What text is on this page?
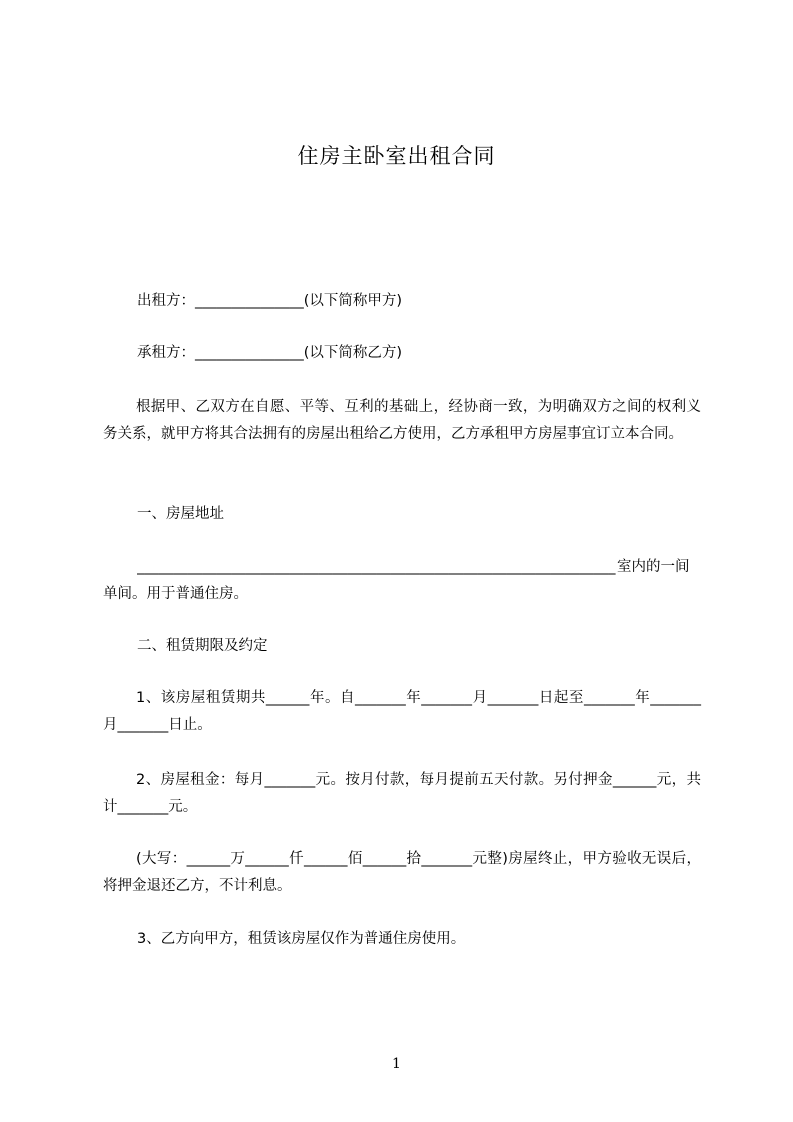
住房主卧室出租合同
出租方：_______________(以下简称甲方)
承租方：_______________(以下简称乙方)
根据甲、乙双方在自愿、平等、互利的基础上，经协商一致，为明确双方之间的权利义务关系，就甲方将其合法拥有的房屋出租给乙方使用，乙方承租甲方房屋事宜订立本合同。
一、房屋地址
__________________________________________________________________ 室内的一间
单间。用于普通住房。
二、租赁期限及约定
1、该房屋租赁期共______年。自_______年_______月_______日起至_______年_______月_______日止。
2、房屋租金：每月_______元。按月付款，每月提前五天付款。另付押金______元，共计_______元。
(大写：______万______仟______佰______拾_______元整)房屋终止，甲方验收无误后，将押金退还乙方，不计利息。
3、乙方向甲方，租赁该房屋仅作为普通住房使用。
1
